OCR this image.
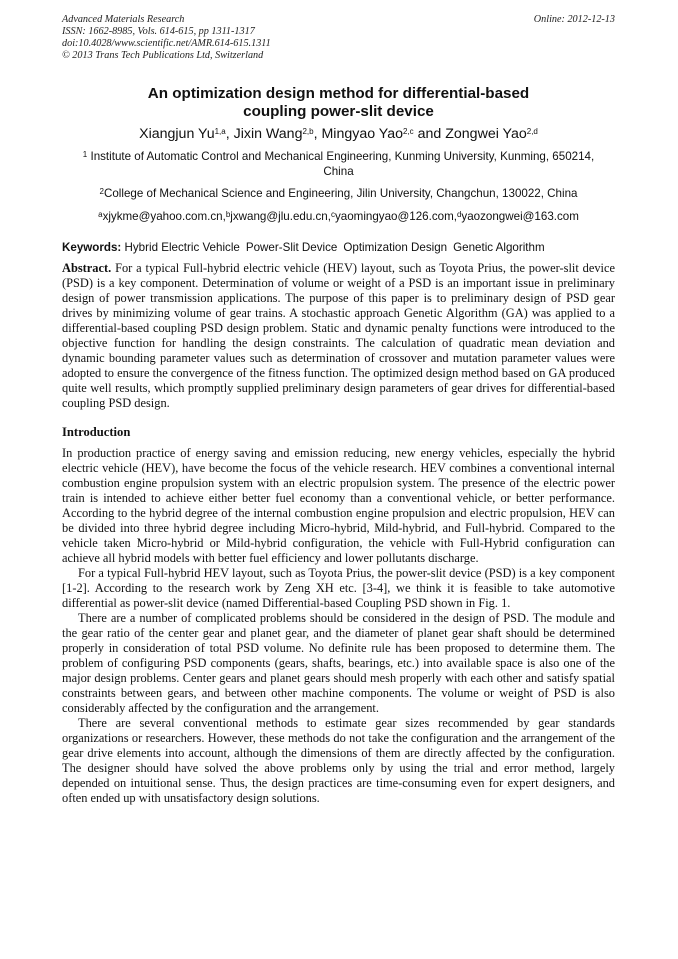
Advanced Materials Research
ISSN: 1662-8985, Vols. 614-615, pp 1311-1317
doi:10.4028/www.scientific.net/AMR.614-615.1311
© 2013 Trans Tech Publications Ltd, Switzerland
Online: 2012-12-13
An optimization design method for differential-based
coupling power-slit device
Xiangjun Yu$^{1,a}$, Jixin Wang$^{2,b}$, Mingyao Yao$^{2,c}$ and Zongwei Yao$^{2,d}$
$^1$ Institute of Automatic Control and Mechanical Engineering, Kunming University, Kunming, 650214, China
$^2$College of Mechanical Science and Engineering, Jilin University, Changchun, 130022, China
$^a$xjykme@yahoo.com.cn,$^b$jxwang@jlu.edu.cn,$^c$yaomingyao@126.com,$^d$yaozongwei@163.com
Keywords: Hybrid Electric Vehicle Power-Slit Device Optimization Design Genetic Algorithm
Abstract. For a typical Full-hybrid electric vehicle (HEV) layout, such as Toyota Prius, the power-slit device (PSD) is a key component. Determination of volume or weight of a PSD is an important issue in preliminary design of power transmission applications. The purpose of this paper is to preliminary design of PSD gear drives by minimizing volume of gear trains. A stochastic approach Genetic Algorithm (GA) was applied to a differential-based coupling PSD design problem. Static and dynamic penalty functions were introduced to the objective function for handling the design constraints. The calculation of quadratic mean deviation and dynamic bounding parameter values such as determination of crossover and mutation parameter values were adopted to ensure the convergence of the fitness function. The optimized design method based on GA produced quite well results, which promptly supplied preliminary design parameters of gear drives for differential-based coupling PSD design.
Introduction

In production practice of energy saving and emission reducing, new energy vehicles, especially the hybrid electric vehicle (HEV), have become the focus of the vehicle research. HEV combines a conventional internal combustion engine propulsion system with an electric propulsion system. The presence of the electric power train is intended to achieve either better fuel economy than a conventional vehicle, or better performance. According to the hybrid degree of the internal combustion engine propulsion and electric propulsion, HEV can be divided into three hybrid degree including Micro-hybrid, Mild-hybrid, and Full-hybrid. Compared to the vehicle taken Micro-hybrid or Mild-hybrid configuration, the vehicle with Full-Hybrid configuration can achieve all hybrid models with better fuel efficiency and lower pollutants discharge.

For a typical Full-hybrid HEV layout, such as Toyota Prius, the power-slit device (PSD) is a key component [1-2]. According to the research work by Zeng XH etc. [3-4], we think it is feasible to take automotive differential as power-slit device (named Differential-based Coupling PSD shown in Fig. 1.

There are a number of complicated problems should be considered in the design of PSD. The module and the gear ratio of the center gear and planet gear, and the diameter of planet gear shaft should be determined properly in consideration of total PSD volume. No definite rule has been proposed to determine them. The problem of configuring PSD components (gears, shafts, bearings, etc.) into available space is also one of the major design problems. Center gears and planet gears should mesh properly with each other and satisfy spatial constraints between gears, and between other machine components. The volume or weight of PSD is also considerably affected by the configuration and the arrangement.

There are several conventional methods to estimate gear sizes recommended by gear standards organizations or researchers. However, these methods do not take the configuration and the arrangement of the gear drive elements into account, although the dimensions of them are directly affected by the configuration. The designer should have solved the above problems only by using the trial and error method, largely depended on intuitional sense. Thus, the design practices are time-consuming even for expert designers, and often ended up with unsatisfactory design solutions.
